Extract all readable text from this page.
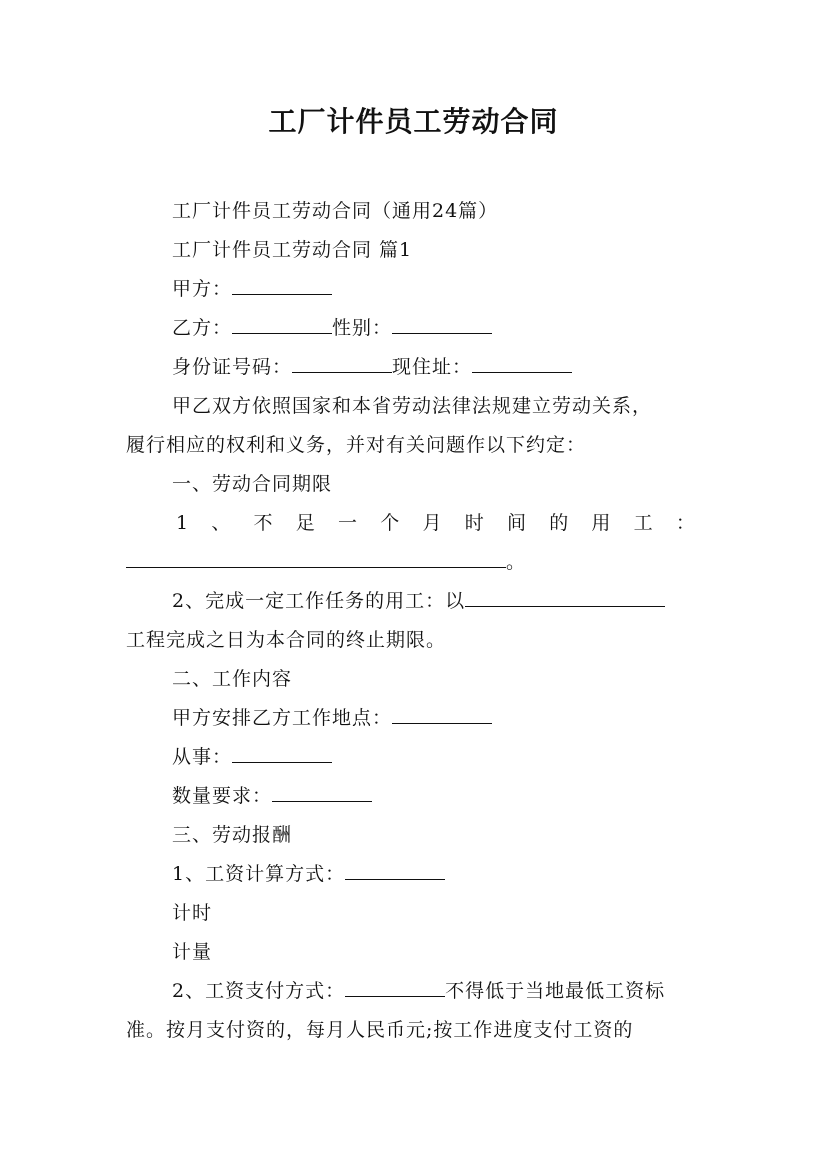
工厂计件员工劳动合同
工厂计件员工劳动合同（通用24篇）
工厂计件员工劳动合同 篇1
甲方：
乙方：	性别：
身份证号码：	现住址：
甲乙双方依照国家和本省劳动法律法规建立劳动关系，
履行相应的权利和义务，并对有关问题作以下约定：
一、劳动合同期限
1 、 不 足 一 个 月 时 间 的 用 工 ：
。
2、完成一定工作任务的用工：以
工程完成之日为本合同的终止期限。
二、工作内容
甲方安排乙方工作地点：
从事：
数量要求：
三、劳动报酬
1、工资计算方式：
计时
计量
2、工资支付方式：	不得低于当地最低工资标
准。按月支付资的，每月人民币元;按工作进度支付工资的
